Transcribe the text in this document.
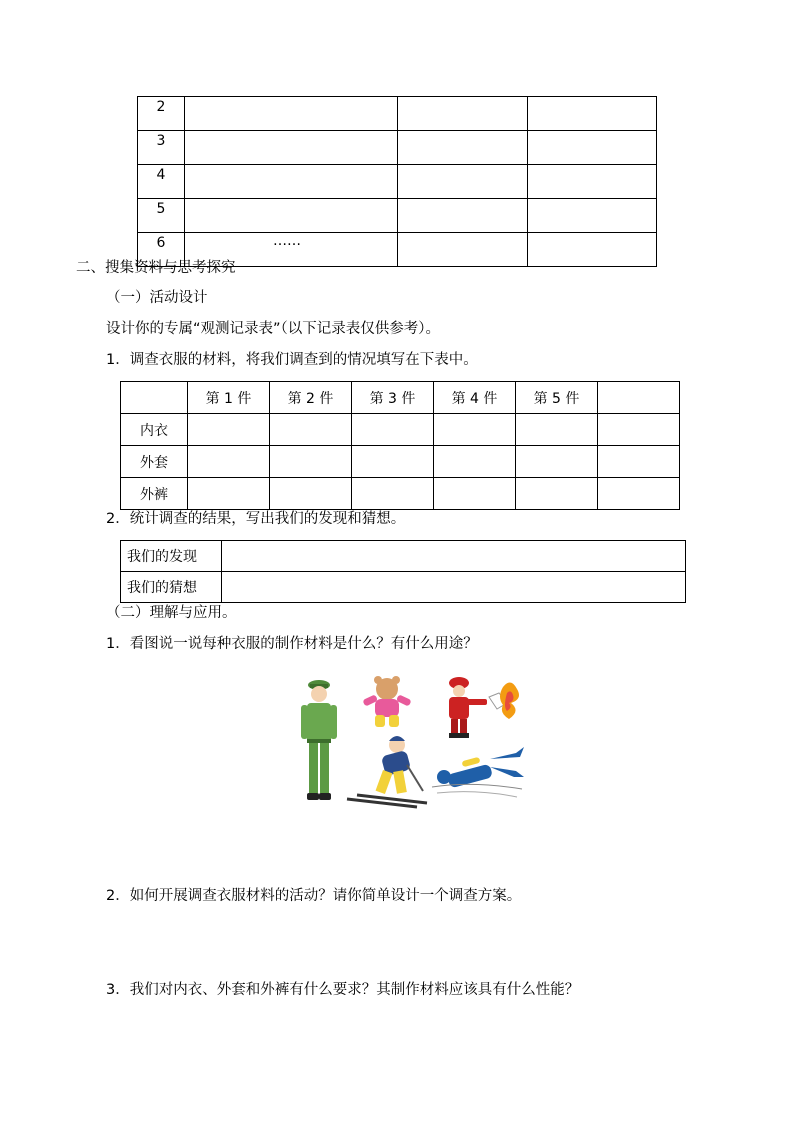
2			
3			
4			
5			
6	……		
二、搜集资料与思考探究
（一）活动设计
设计你的专属“观测记录表”（以下记录表仅供参考）。
1．调查衣服的材料，将我们调查到的情况填写在下表中。
	第 1 件	第 2 件	第 3 件	第 4 件	第 5 件	
内衣						
外套						
外裤						
2．统计调查的结果，写出我们的发现和猜想。
我们的发现	
我们的猜想	
（二）理解与应用。
1．看图说一说每种衣服的制作材料是什么？有什么用途？
2．如何开展调查衣服材料的活动？请你简单设计一个调查方案。
3．我们对内衣、外套和外裤有什么要求？其制作材料应该具有什么性能？
